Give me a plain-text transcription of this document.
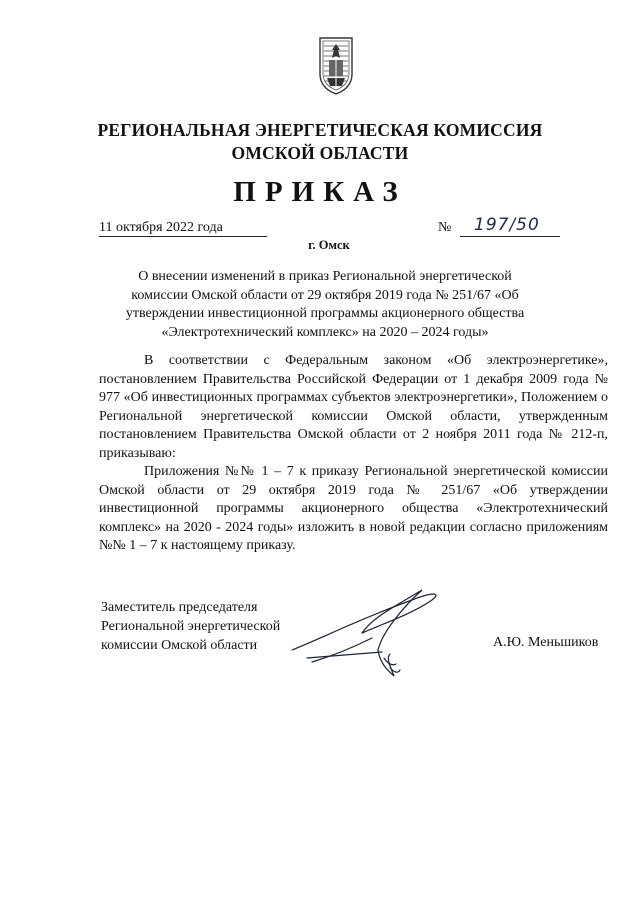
РЕГИОНАЛЬНАЯ ЭНЕРГЕТИЧЕСКАЯ КОМИССИЯ
ОМСКОЙ ОБЛАСТИ
ПРИКАЗ
11 октября 2022 года	№ 197/50
г. Омск
О внесении изменений в приказ Региональной энергетической
комиссии Омской области от 29 октября 2019 года № 251/67 «Об
утверждении инвестиционной программы акционерного общества
«Электротехнический комплекс» на 2020 – 2024 годы»

В соответствии с Федеральным законом «Об электроэнергетике», постановлением Правительства Российской Федерации от 1 декабря 2009 года № 977 «Об инвестиционных программах субъектов электроэнергетики», Положением о Региональной энергетической комиссии Омской области, утвержденным постановлением Правительства Омской области от 2 ноября 2011 года № 212-п, приказываю:

Приложения №№ 1 – 7 к приказу Региональной энергетической комиссии Омской области от 29 октября 2019 года № 251/67 «Об утверждении инвестиционной программы акционерного общества «Электротехнический комплекс» на 2020 - 2024 годы» изложить в новой редакции согласно приложениям №№ 1 – 7 к настоящему приказу.

Заместитель председателя
Региональной энергетической
комиссии Омской области	А.Ю. Меньшиков
